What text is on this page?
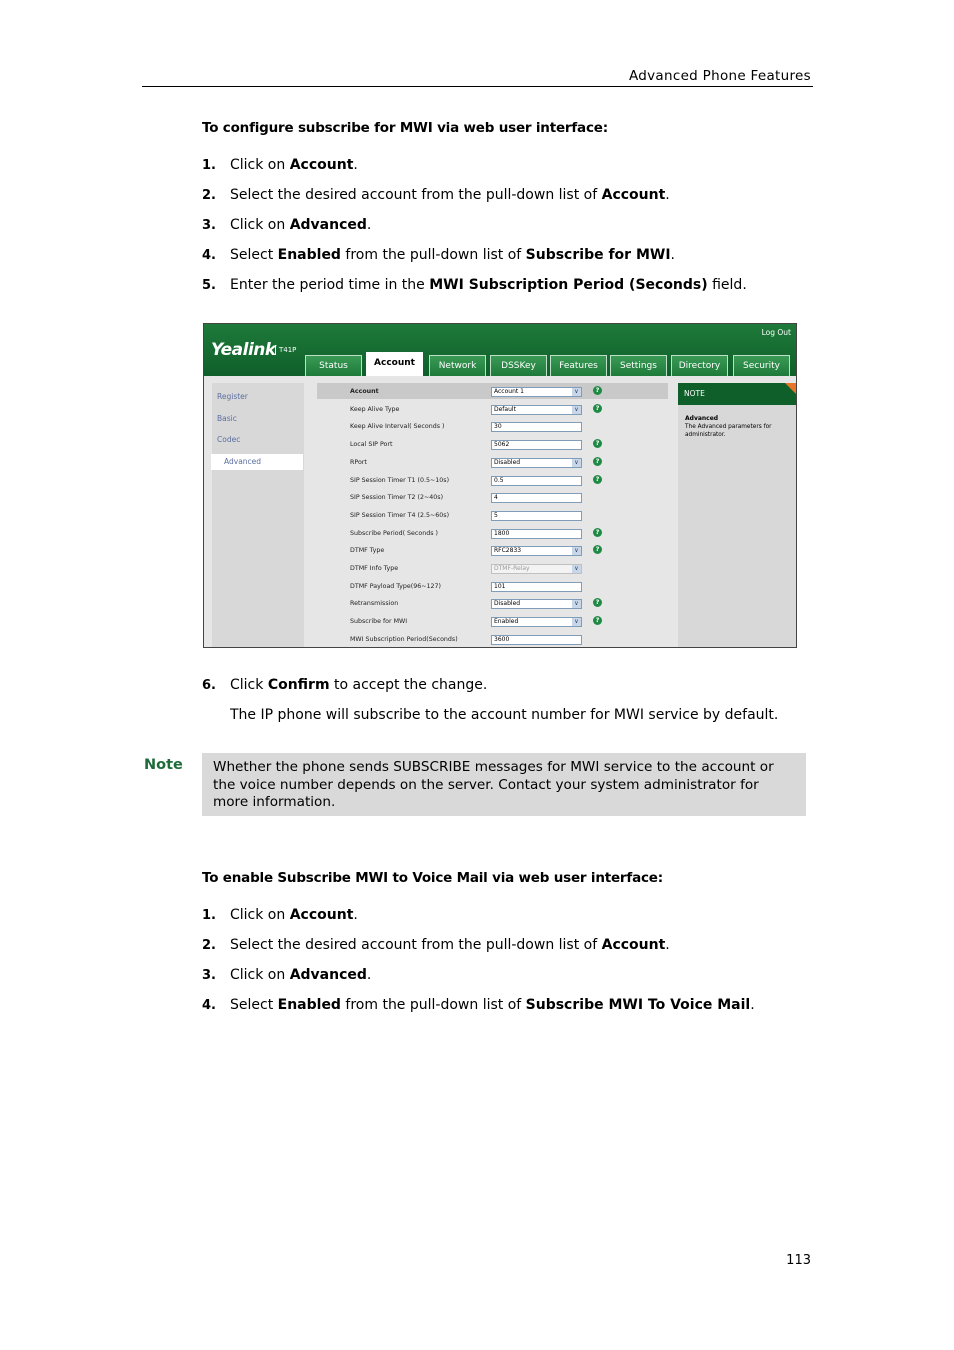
Advanced Phone Features
To configure subscribe for MWI via web user interface:
1. Click on Account.
2. Select the desired account from the pull-down list of Account.
3. Click on Advanced.
4. Select Enabled from the pull-down list of Subscribe for MWI.
5. Enter the period time in the MWI Subscription Period (Seconds) field.
Yealink T41P
Log Out
Status	Account	Network	DSSKey	Features	Settings	Directory	Security
Register
Basic
Codec
Advanced
Account	Account 1	∨	?
Keep Alive Type	Default	∨	?
Keep Alive Interval( Seconds )	30
Local SIP Port	5062	?
RPort	Disabled	∨	?
SIP Session Timer T1 (0.5~10s)	0.5	?
SIP Session Timer T2 (2~40s)	4
SIP Session Timer T4 (2.5~60s)	5
Subscribe Period( Seconds )	1800	?
DTMF Type	RFC2833	∨	?
DTMF Info Type	DTMF-Relay	∨
DTMF Payload Type(96~127)	101
Retransmission	Disabled	∨	?
Subscribe for MWI	Enabled	∨	?
MWI Subscription Period(Seconds)	3600
NOTE
Advanced
The Advanced parameters for administrator.
6. Click Confirm to accept the change.
The IP phone will subscribe to the account number for MWI service by default.
Note	Whether the phone sends SUBSCRIBE messages for MWI service to the account or the voice number depends on the server. Contact your system administrator for more information.
To enable Subscribe MWI to Voice Mail via web user interface:
1. Click on Account.
2. Select the desired account from the pull-down list of Account.
3. Click on Advanced.
4. Select Enabled from the pull-down list of Subscribe MWI To Voice Mail.
113
